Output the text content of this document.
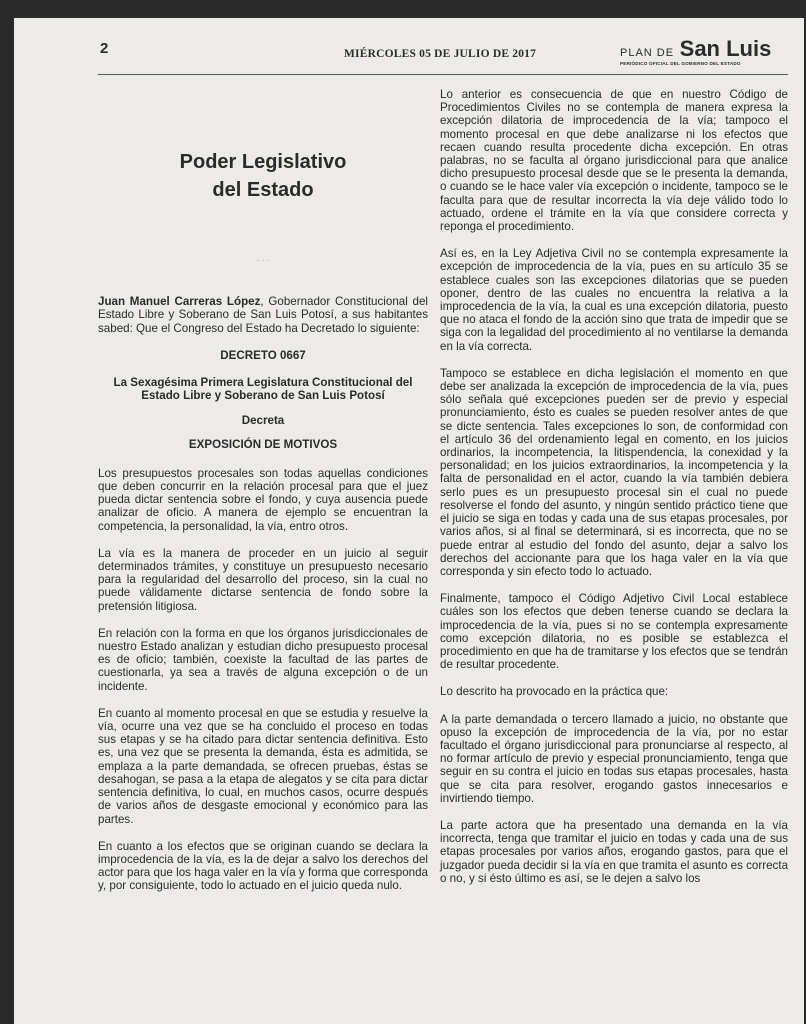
2	MIÉRCOLES 05 DE JULIO DE 2017	PLAN DE San Luis
PERIÓDICO OFICIAL DEL GOBIERNO DEL ESTADO
Poder Legislativo
del Estado
· · ·

Juan Manuel Carreras López, Gobernador Constitucional del Estado Libre y Soberano de San Luis Potosí, a sus habitantes sabed: Que el Congreso del Estado ha Decretado lo siguiente:

DECRETO 0667

La Sexagésima Primera Legislatura Constitucional del Estado Libre y Soberano de San Luis Potosí

Decreta

EXPOSICIÓN DE MOTIVOS

Los presupuestos procesales son todas aquellas condiciones que deben concurrir en la relación procesal para que el juez pueda dictar sentencia sobre el fondo, y cuya ausencia puede analizar de oficio. A manera de ejemplo se encuentran la competencia, la personalidad, la vía, entro otros.

La vía es la manera de proceder en un juicio al seguir determinados trámites, y constituye un presupuesto necesario para la regularidad del desarrollo del proceso, sin la cual no puede válidamente dictarse sentencia de fondo sobre la pretensión litigiosa.

En relación con la forma en que los órganos jurisdiccionales de nuestro Estado analizan y estudian dicho presupuesto procesal es de oficio; también, coexiste la facultad de las partes de cuestionarla, ya sea a través de alguna excepción o de un incidente.

En cuanto al momento procesal en que se estudia y resuelve la vía, ocurre una vez que se ha concluido el proceso en todas sus etapas y se ha citado para dictar sentencia definitiva. Esto es, una vez que se presenta la demanda, ésta es admitida, se emplaza a la parte demandada, se ofrecen pruebas, éstas se desahogan, se pasa a la etapa de alegatos y se cita para dictar sentencia definitiva, lo cual, en muchos casos, ocurre después de varios años de desgaste emocional y económico para las partes.

En cuanto a los efectos que se originan cuando se declara la improcedencia de la vía, es la de dejar a salvo los derechos del actor para que los haga valer en la vía y forma que corresponda y, por consiguiente, todo lo actuado en el juicio queda nulo.

Lo anterior es consecuencia de que en nuestro Código de Procedimientos Civiles no se contempla de manera expresa la excepción dilatoria de improcedencia de la vía; tampoco el momento procesal en que debe analizarse ni los efectos que recaen cuando resulta procedente dicha excepción. En otras palabras, no se faculta al órgano jurisdiccional para que analice dicho presupuesto procesal desde que se le presenta la demanda, o cuando se le hace valer vía excepción o incidente, tampoco se le faculta para que de resultar incorrecta la vía deje válido todo lo actuado, ordene el trámite en la vía que considere correcta y reponga el procedimiento.

Así es, en la Ley Adjetiva Civil no se contempla expresamente la excepción de improcedencia de la vía, pues en su artículo 35 se establece cuales son las excepciones dilatorias que se pueden oponer, dentro de las cuales no encuentra la relativa a la improcedencia de la vía, la cual es una excepción dilatoria, puesto que no ataca el fondo de la acción sino que trata de impedir que se siga con la legalidad del procedimiento al no ventilarse la demanda en la vía correcta.

Tampoco se establece en dicha legislación el momento en que debe ser analizada la excepción de improcedencia de la vía, pues sólo señala qué excepciones pueden ser de previo y especial pronunciamiento, ésto es cuales se pueden resolver antes de que se dicte sentencia. Tales excepciones lo son, de conformidad con el artículo 36 del ordenamiento legal en comento, en los juicios ordinarios, la incompetencia, la litispendencia, la conexidad y la personalidad; en los juicios extraordinarios, la incompetencia y la falta de personalidad en el actor, cuando la vía también debiera serlo pues es un presupuesto procesal sin el cual no puede resolverse el fondo del asunto, y ningún sentido práctico tiene que el juicio se siga en todas y cada una de sus etapas procesales, por varios años, si al final se determinará, si es incorrecta, que no se puede entrar al estudio del fondo del asunto, dejar a salvo los derechos del accionante para que los haga valer en la vía que corresponda y sin efecto todo lo actuado.

Finalmente, tampoco el Código Adjetivo Civil Local establece cuáles son los efectos que deben tenerse cuando se declara la improcedencia de la vía, pues si no se contempla expresamente como excepción dilatoria, no es posible se establezca el procedimiento en que ha de tramitarse y los efectos que se tendrán de resultar procedente.

Lo descrito ha provocado en la práctica que:

A la parte demandada o tercero llamado a juicio, no obstante que opuso la excepción de improcedencia de la vía, por no estar facultado el órgano jurisdiccional para pronunciarse al respecto, al no formar artículo de previo y especial pronunciamiento, tenga que seguir en su contra el juicio en todas sus etapas procesales, hasta que se cita para resolver, erogando gastos innecesarios e invirtiendo tiempo.

La parte actora que ha presentado una demanda en la vía incorrecta, tenga que tramitar el juicio en todas y cada una de sus etapas procesales por varios años, erogando gastos, para que el juzgador pueda decidir si la vía en que tramita el asunto es correcta o no, y si ésto último es así, se le dejen a salvo los
